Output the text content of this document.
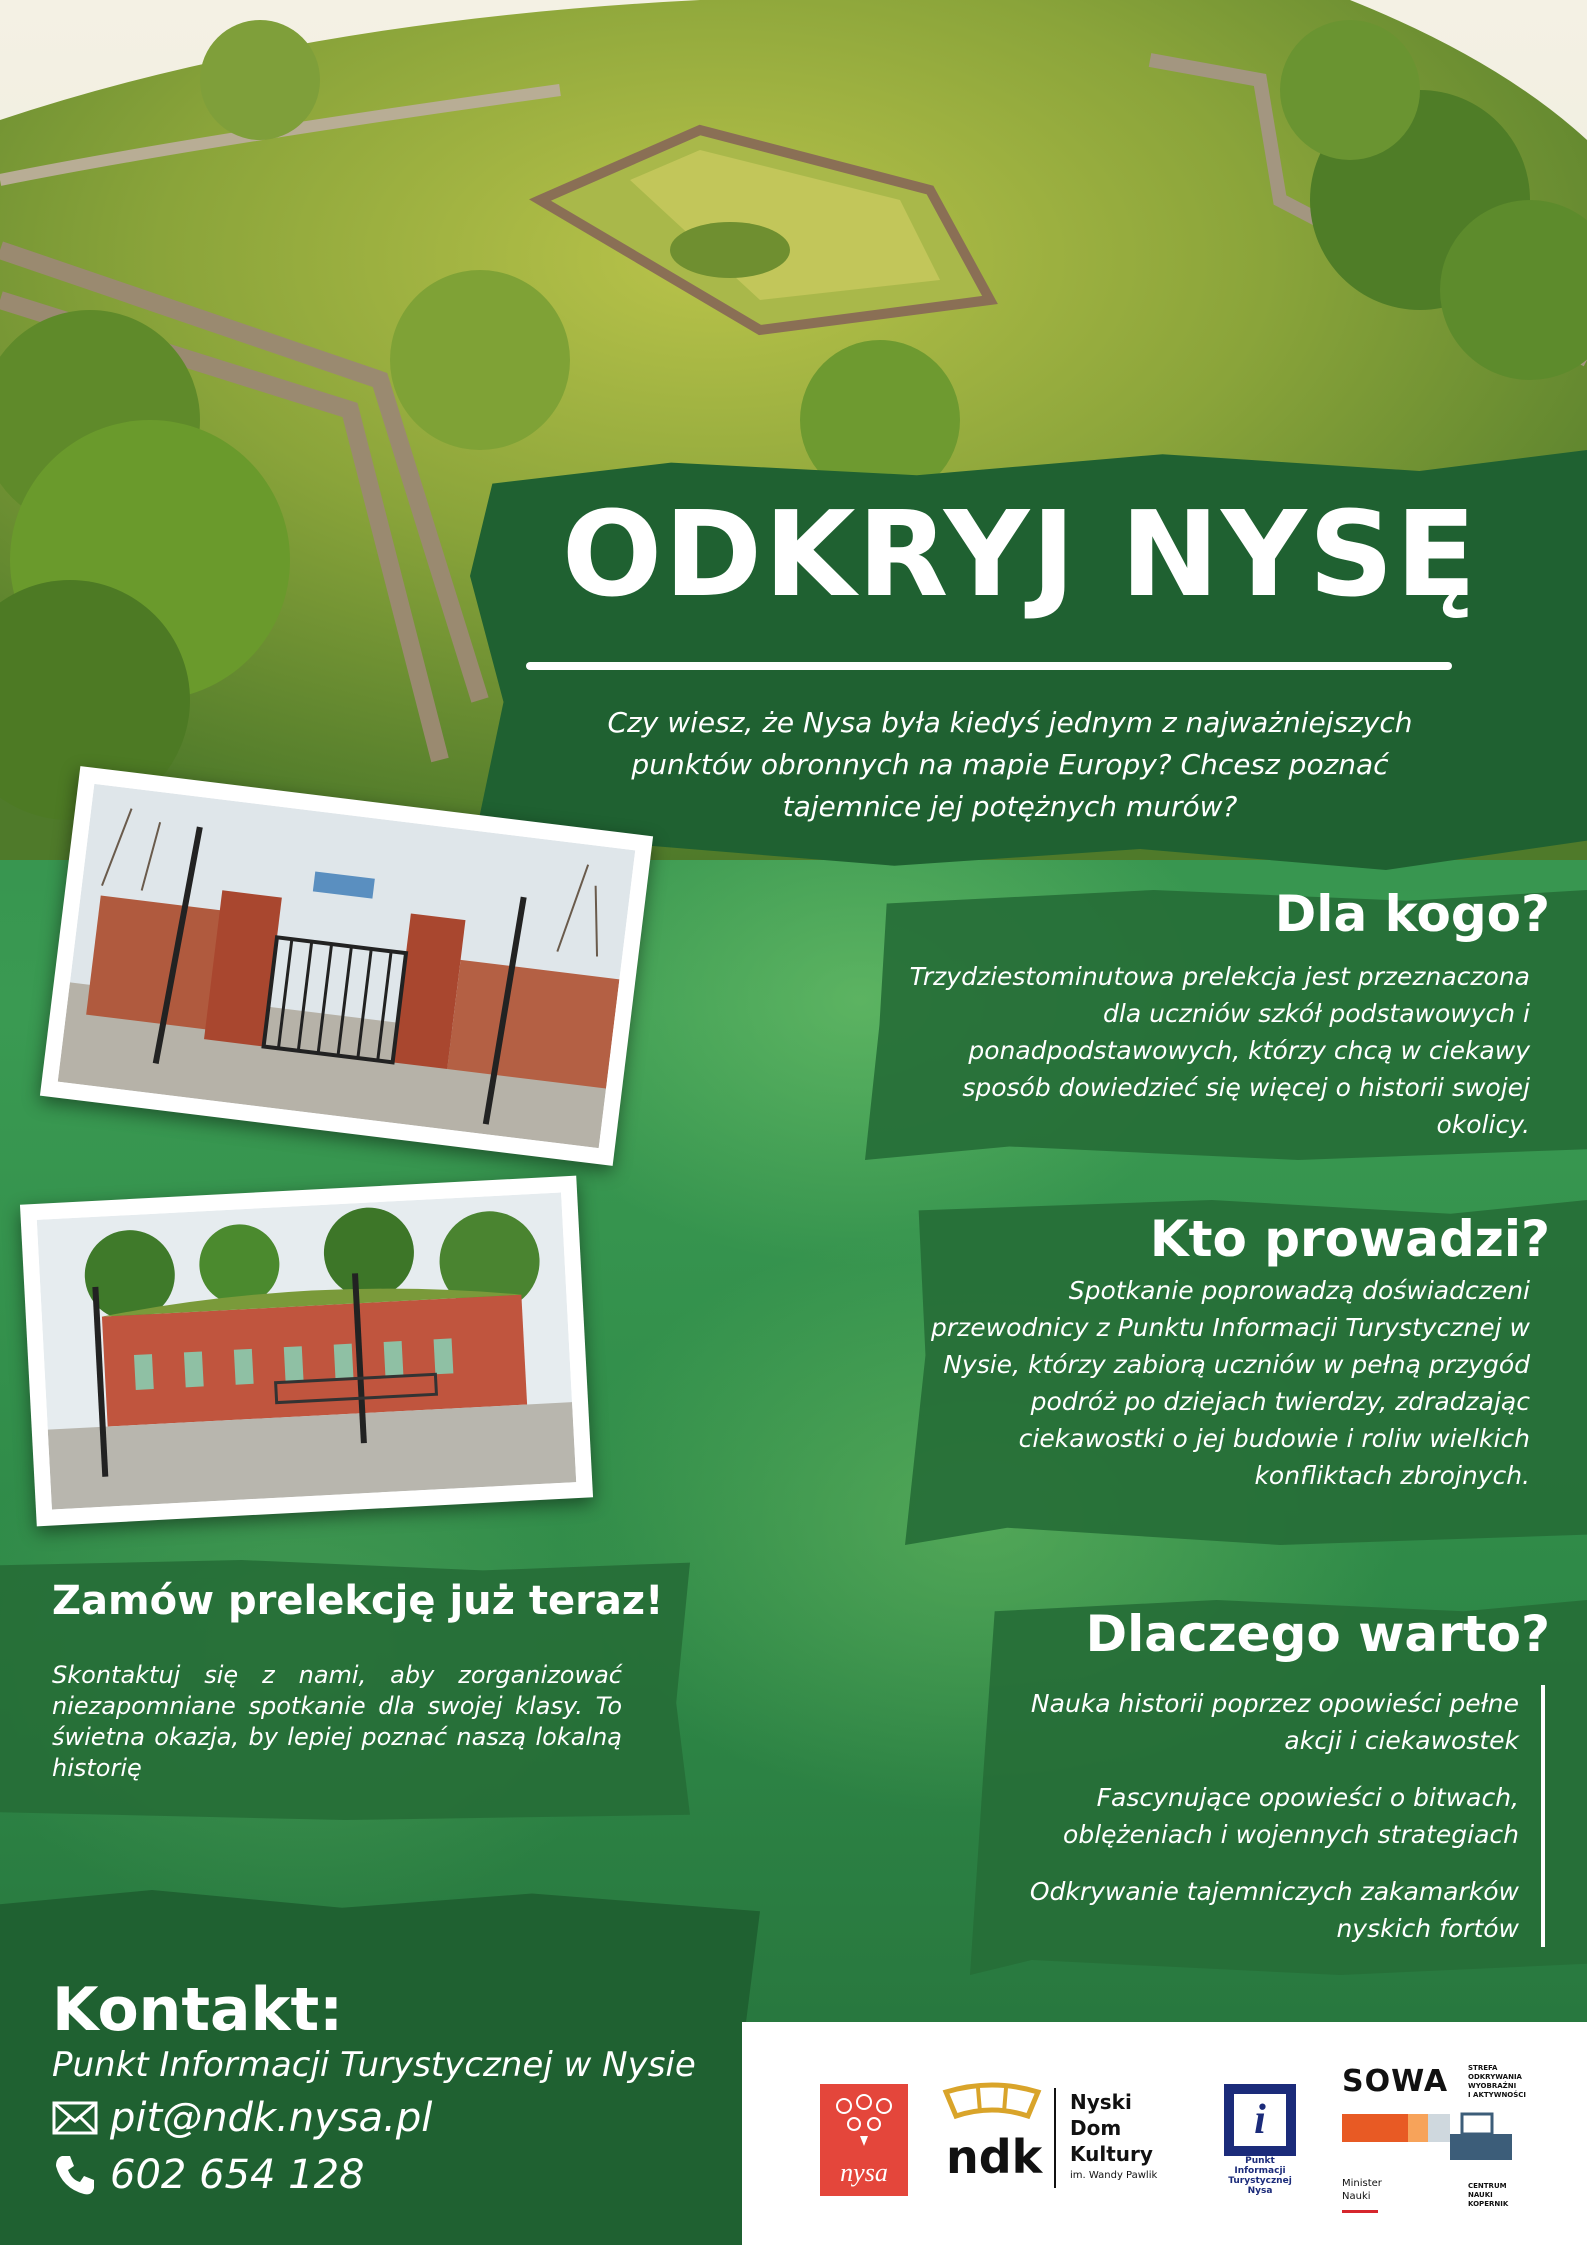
ODKRYJ NYSĘ
Czy wiesz, że Nysa była kiedyś jednym z najważniejszych punktów obronnych na mapie Europy? Chcesz poznać tajemnice jej potężnych murów?
Dla kogo?
Trzydziestominutowa prelekcja jest przeznaczona dla uczniów szkół podstawowych i ponadpodstawowych, którzy chcą w ciekawy sposób dowiedzieć się więcej o historii swojej okolicy.
Kto prowadzi?
Spotkanie poprowadzą doświadczeni przewodnicy z Punktu Informacji Turystycznej w Nysie, którzy zabiorą uczniów w pełną przygód podróż po dziejach twierdzy, zdradzając ciekawostki o jej budowie i roliw wielkich konfliktach zbrojnych.
Zamów prelekcję już teraz!
Skontaktuj się z nami, aby zorganizować niezapomniane spotkanie dla swojej klasy. To świetna okazja, by lepiej poznać naszą lokalną historię
Dlaczego warto?
Nauka historii poprzez opowieści pełne akcji i ciekawostek
Fascynujące opowieści o bitwach, oblężeniach i wojennych strategiach
Odkrywanie tajemniczych zakamarków nyskich fortów
Kontakt:
Punkt Informacji Turystycznej w Nysie
pit@ndk.nysa.pl
602 654 128	nysa	ndk
Nyski
Dom
Kultury
im. Wandy Pawlik
i
Punkt Informacji
Turystycznej
Nysa
SOWA	STREFA
ODKRYWANIA
WYOBRAŹNI
I AKTYWNOŚCI
Minister
Nauki
CENTRUM
NAUKI
KOPERNIK
